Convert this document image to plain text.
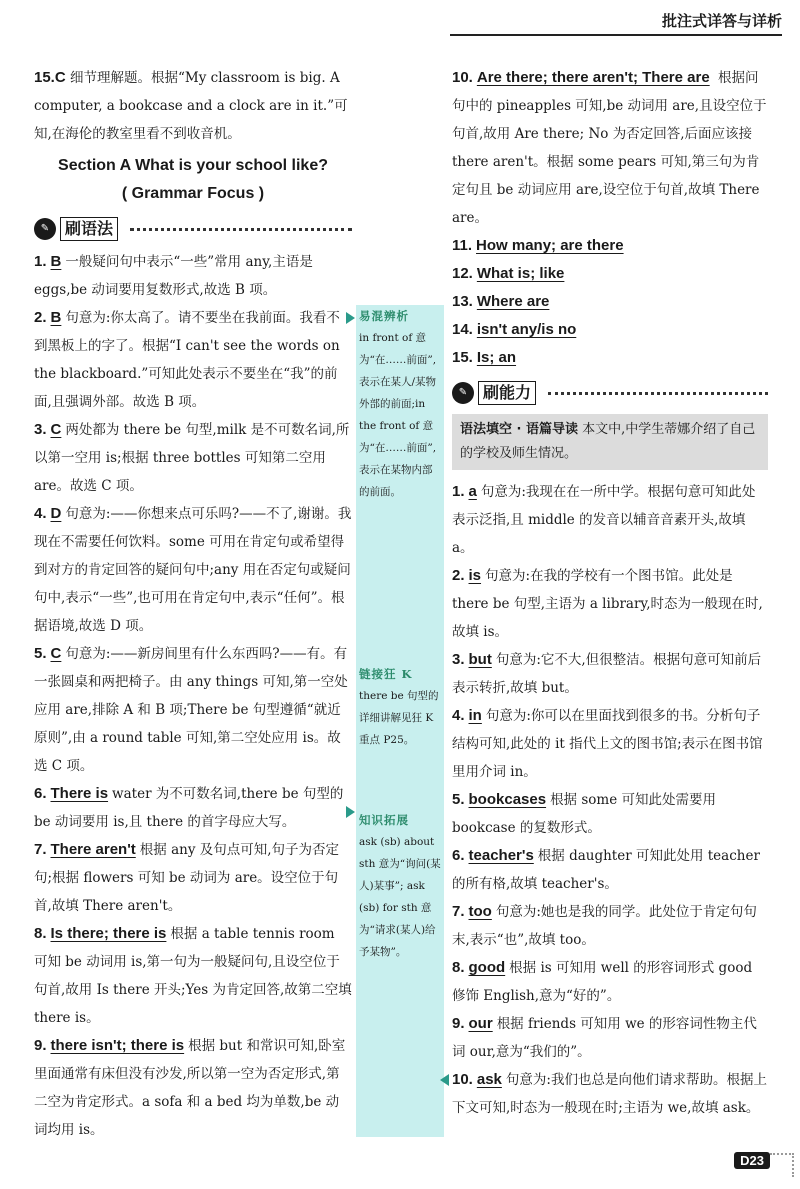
批注式详答与详析
15.C 细节理解题。根据“My classroom is big. A computer, a bookcase and a clock are in it.”可知,在海伦的教室里看不到收音机。
Section A What is your school like?
( Grammar Focus )
✎ 刷语法
1. B 一般疑问句中表示“一些”常用 any,主语是 eggs,be 动词要用复数形式,故选 B 项。
2. B 句意为:你太高了。请不要坐在我前面。我看不到黑板上的字了。根据“I can't see the words on the blackboard.”可知此处表示不要坐在“我”的前面,且强调外部。故选 B 项。
3. C 两处都为 there be 句型,milk 是不可数名词,所以第一空用 is;根据 three bottles 可知第二空用 are。故选 C 项。
4. D 句意为:——你想来点可乐吗?——不了,谢谢。我现在不需要任何饮料。some 可用在肯定句或希望得到对方的肯定回答的疑问句中;any 用在否定句或疑问句中,表示“一些”,也可用在肯定句中,表示“任何”。根据语境,故选 D 项。
5. C 句意为:——新房间里有什么东西吗?——有。有一张圆桌和两把椅子。由 any things 可知,第一空处应用 are,排除 A 和 B 项;There be 句型遵循“就近原则”,由 a round table 可知,第二空处应用 is。故选 C 项。
6. There is water 为不可数名词,there be 句型的 be 动词要用 is,且 there 的首字母应大写。
7. There aren't 根据 any 及句点可知,句子为否定句;根据 flowers 可知 be 动词为 are。设空位于句首,故填 There aren't。
8. Is there; there is 根据 a table tennis room 可知 be 动词用 is,第一句为一般疑问句,且设空位于句首,故用 Is there 开头;Yes 为肯定回答,故第二空填 there is。
9. there isn't; there is 根据 but 和常识可知,卧室里面通常有床但没有沙发,所以第一空为否定形式,第二空为肯定形式。a sofa 和 a bed 均为单数,be 动词均用 is。
易混辨析
in front of 意为“在……前面”,表示在某人/某物外部的前面;in the front of 意为“在……前面”,表示在某物内部的前面。
链接狂 K
there be 句型的详细讲解见狂 K 重点 P25。
知识拓展
ask (sb) about sth 意为“询问(某人)某事”; ask (sb) for sth 意为“请求(某人)给予某物”。
10. Are there; there aren't; There are 根据问句中的 pineapples 可知,be 动词用 are,且设空位于句首,故用 Are there; No 为否定回答,后面应该接 there aren't。根据 some pears 可知,第三句为肯定句且 be 动词应用 are,设空位于句首,故填 There are。
11. How many; are there
12. What is; like
13. Where are
14. isn't any/is no
15. Is; an
✎ 刷能力
语法填空 · 语篇导读 本文中,中学生蒂娜介绍了自己的学校及师生情况。
1. a 句意为:我现在在一所中学。根据句意可知此处表示泛指,且 middle 的发音以辅音音素开头,故填 a。
2. is 句意为:在我的学校有一个图书馆。此处是 there be 句型,主语为 a library,时态为一般现在时,故填 is。
3. but 句意为:它不大,但很整洁。根据句意可知前后表示转折,故填 but。
4. in 句意为:你可以在里面找到很多的书。分析句子结构可知,此处的 it 指代上文的图书馆;表示在图书馆里用介词 in。
5. bookcases 根据 some 可知此处需要用 bookcase 的复数形式。
6. teacher's 根据 daughter 可知此处用 teacher 的所有格,故填 teacher's。
7. too 句意为:她也是我的同学。此处位于肯定句句末,表示“也”,故填 too。
8. good 根据 is 可知用 well 的形容词形式 good 修饰 English,意为“好的”。
9. our 根据 friends 可知用 we 的形容词性物主代词 our,意为“我们的”。
10. ask 句意为:我们也总是向他们请求帮助。根据上下文可知,时态为一般现在时;主语为 we,故填 ask。
D23
